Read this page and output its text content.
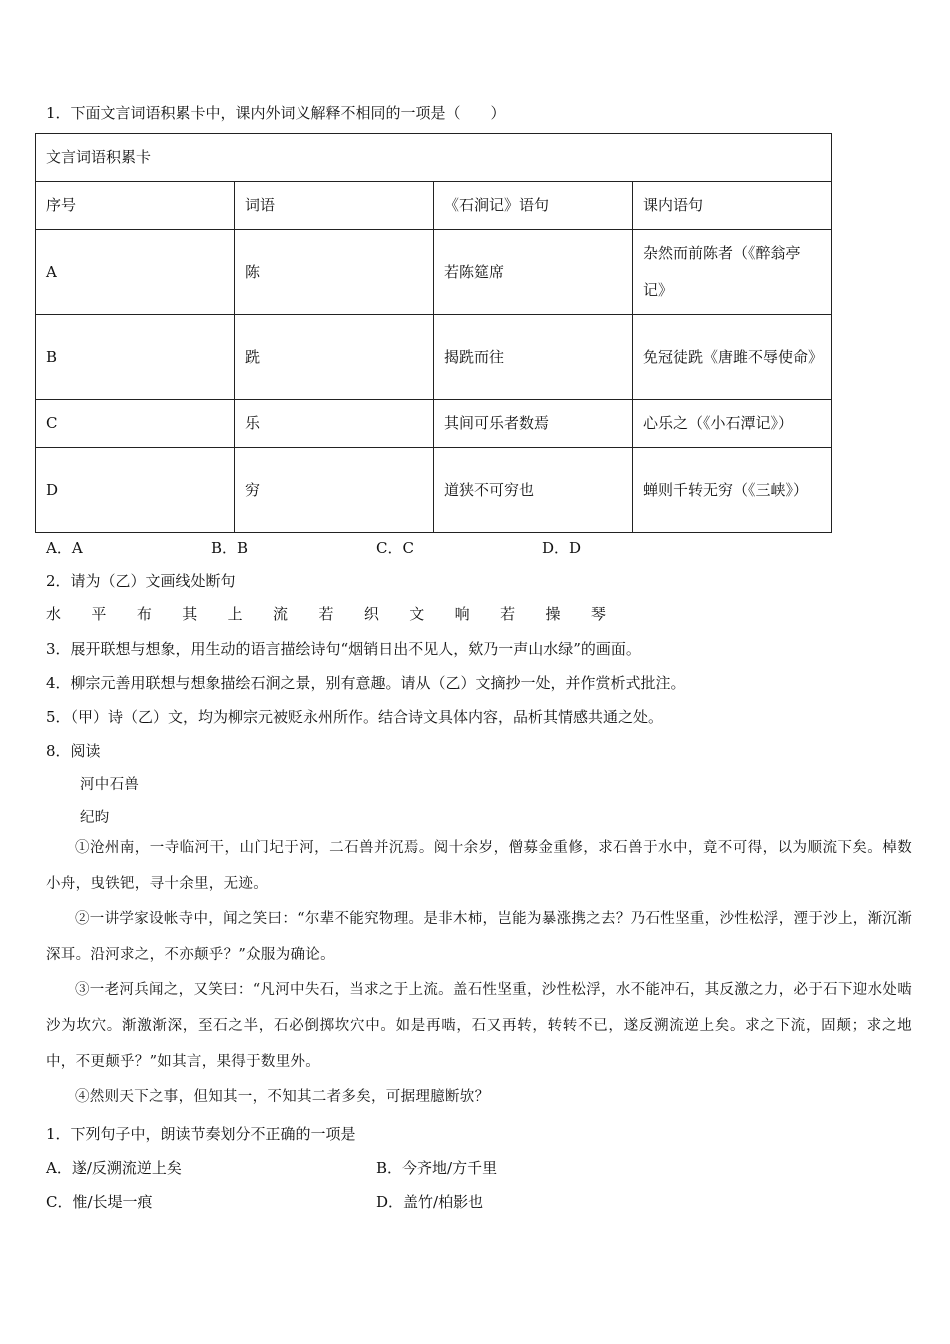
1．下面文言词语积累卡中，课内外词义解释不相同的一项是（　　）
文言词语积累卡			
序号	词语	《石涧记》语句	课内语句
A	陈	若陈筵席	杂然而前陈者（《醉翁亭记》
B	跣	揭跣而往	免冠徒跣《唐雎不辱使命》
C	乐	其间可乐者数焉	心乐之（《小石潭记》）
D	穷	道狭不可穷也	蝉则千转无穷（《三峡》）
A．A	B．B	C．C	D．D
2．请为（乙）文画线处断句
水 平 布 其 上 流 若 织 文 响 若 操 琴
3．展开联想与想象，用生动的语言描绘诗句“烟销日出不见人，欸乃一声山水绿”的画面。
4．柳宗元善用联想与想象描绘石涧之景，别有意趣。请从（乙）文摘抄一处，并作赏析式批注。
5．（甲）诗（乙）文，均为柳宗元被贬永州所作。结合诗文具体内容，品析其情感共通之处。
8．阅读
河中石兽
纪昀
①沧州南，一寺临河干，山门圮于河，二石兽并沉焉。阅十余岁，僧募金重修，求石兽于水中，竟不可得，以为顺流下矣。棹数小舟，曳铁钯，寻十余里，无迹。
②一讲学家设帐寺中，闻之笑曰：“尔辈不能究物理。是非木柿，岂能为暴涨携之去？乃石性坚重，沙性松浮，湮于沙上，渐沉渐深耳。沿河求之，不亦颠乎？”众服为确论。
③一老河兵闻之，又笑曰：“凡河中失石，当求之于上流。盖石性坚重，沙性松浮，水不能冲石，其反激之力，必于石下迎水处啮沙为坎穴。渐激渐深，至石之半，石必倒掷坎穴中。如是再啮，石又再转，转转不已，遂反溯流逆上矣。求之下流，固颠；求之地中，不更颠乎？”如其言，果得于数里外。
④然则天下之事，但知其一，不知其二者多矣，可据理臆断欤？
1．下列句子中，朗读节奏划分不正确的一项是
A．遂/反溯流逆上矣	B．今齐地/方千里
C．惟/长堤一痕	D．盖竹/柏影也
